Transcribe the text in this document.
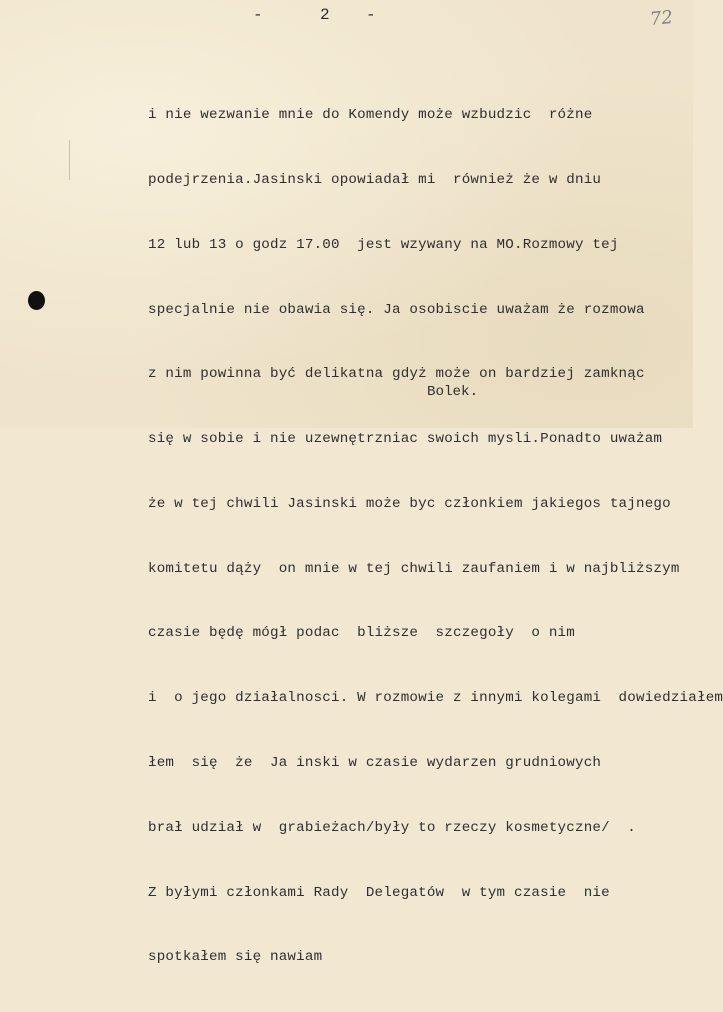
-	2 -	72

i nie wezwanie mnie do Komendy może wzbudzic  różne

podejrzenia.Jasinski opowiadał mi  również że w dniu

12 lub 13 o godz 17.00  jest wzywany na MO.Rozmowy tej

specjalnie nie obawia się. Ja osobiscie uważam że rozmowa

z nim powinna być delikatna gdyż może on bardziej zamknąc

się w sobie i nie uzewnętrzniac swoich mysli.Ponadto uważam

że w tej chwili Jasinski może byc członkiem jakiegos tajnego

komitetu dąży  on mnie w tej chwili zaufaniem i w najbliższym

czasie będę mógł podac  bliższe  szczegoły  o nim

i  o jego działalnosci. W rozmowie z innymi kolegami  dowiedziałem

łem  się  że  Ja inski w czasie wydarzen grudniowych

brał udział w  grabieżach/były to rzeczy kosmetyczne/  .

Z byłymi członkami Rady  Delegatów  w tym czasie  nie

spotkałem się nawiam

Bolek.
